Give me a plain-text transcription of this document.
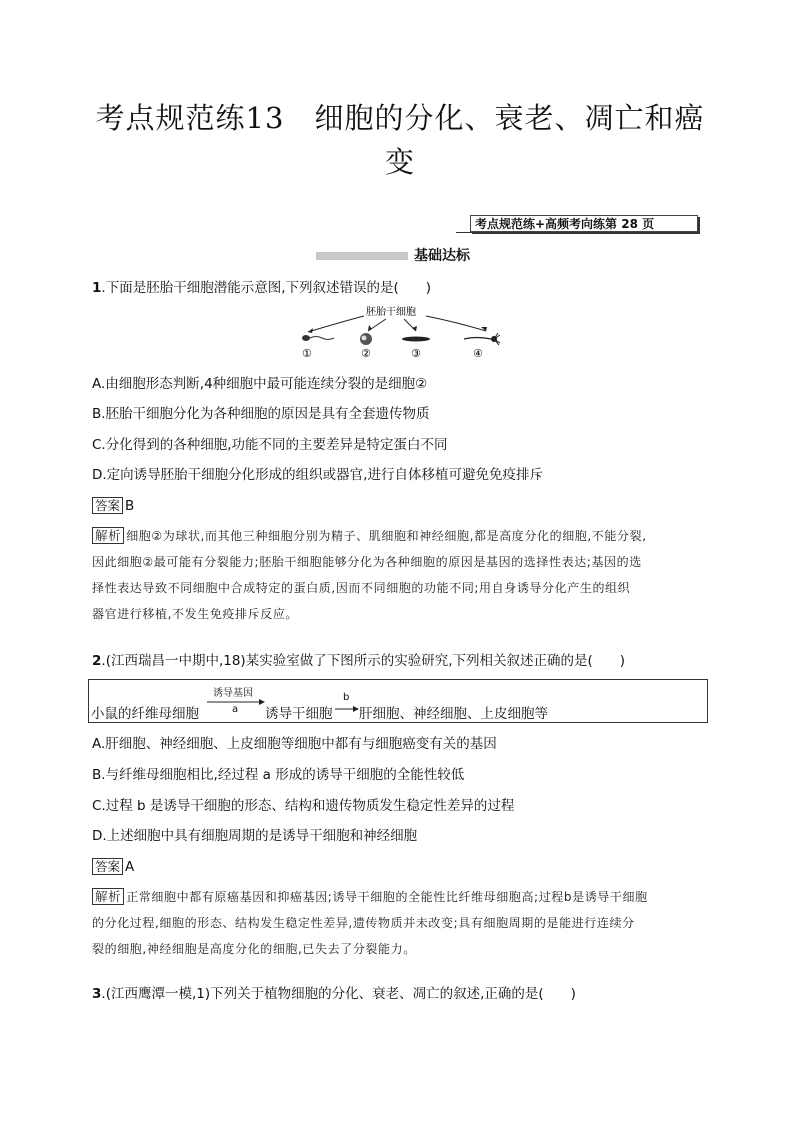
考点规范练13　细胞的分化、衰老、凋亡和癌
变
考点规范练+高频考向练第 28 页
基础达标
1.下面是胚胎干细胞潜能示意图,下列叙述错误的是(　　)
胚胎干细胞
①	②	③	④
A.由细胞形态判断,4种细胞中最可能连续分裂的是细胞②
B.胚胎干细胞分化为各种细胞的原因是具有全套遗传物质
C.分化得到的各种细胞,功能不同的主要差异是特定蛋白不同
D.定向诱导胚胎干细胞分化形成的组织或器官,进行自体移植可避免免疫排斥
答案 B
解析 细胞②为球状,而其他三种细胞分别为精子、肌细胞和神经细胞,都是高度分化的细胞,不能分裂,
因此细胞②最可能有分裂能力;胚胎干细胞能够分化为各种细胞的原因是基因的选择性表达;基因的选
择性表达导致不同细胞中合成特定的蛋白质,因而不同细胞的功能不同;用自身诱导分化产生的组织
器官进行移植,不发生免疫排斥反应。
2.(江西瑞昌一中期中,18)某实验室做了下图所示的实验研究,下列相关叙述正确的是(　　)
小鼠的纤维母细胞
诱导基因
a 诱导干细胞
b
肝细胞、神经细胞、上皮细胞等
A.肝细胞、神经细胞、上皮细胞等细胞中都有与细胞癌变有关的基因
B.与纤维母细胞相比,经过程 a 形成的诱导干细胞的全能性较低
C.过程 b 是诱导干细胞的形态、结构和遗传物质发生稳定性差异的过程
D.上述细胞中具有细胞周期的是诱导干细胞和神经细胞
答案 A
解析 正常细胞中都有原癌基因和抑癌基因;诱导干细胞的全能性比纤维母细胞高;过程b是诱导干细胞
的分化过程,细胞的形态、结构发生稳定性差异,遗传物质并未改变;具有细胞周期的是能进行连续分
裂的细胞,神经细胞是高度分化的细胞,已失去了分裂能力。
3.(江西鹰潭一模,1)下列关于植物细胞的分化、衰老、凋亡的叙述,正确的是(　　)
